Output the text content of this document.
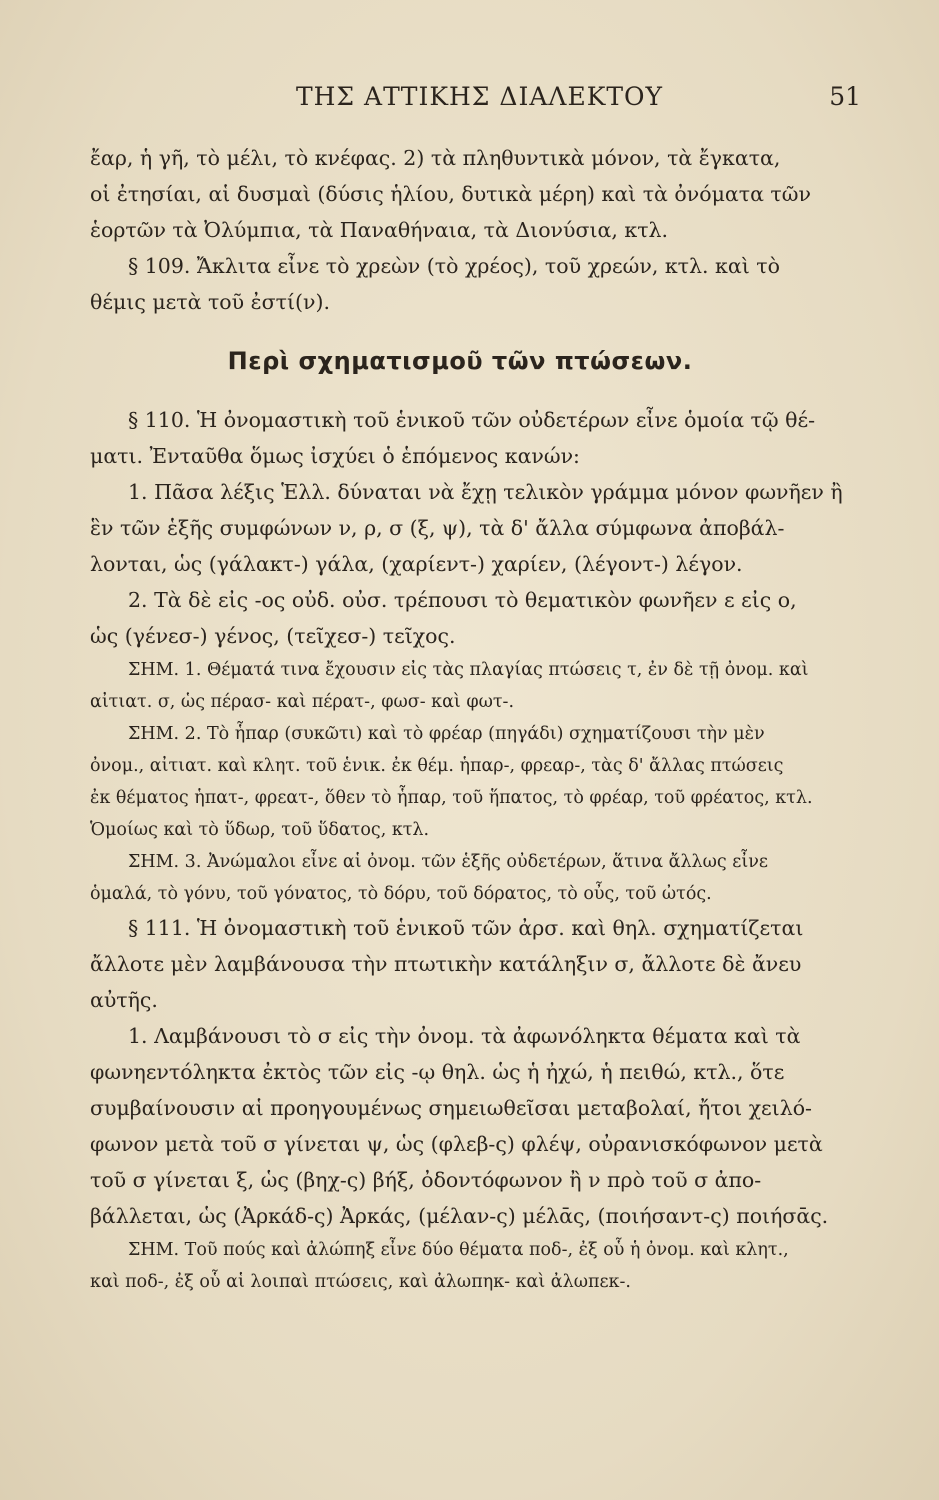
ΤΗΣ ΑΤΤΙΚΗΣ ΔΙΑΛΕΚΤΟΥ	51
ἔαρ, ἡ γῆ, τὸ μέλι, τὸ κνέφας. 2) τὰ πληθυντικὰ μόνον, τὰ ἔγκατα,
οἱ ἐτησίαι, αἱ δυσμαὶ (δύσις ἡλίου, δυτικὰ μέρη) καὶ τὰ ὀνόματα τῶν
ἑορτῶν τὰ Ὀλύμπια, τὰ Παναθήναια, τὰ Διονύσια, κτλ.
§ 109. Ἄκλιτα εἶνε τὸ χρεὼν (τὸ χρέος), τοῦ χρεών, κτλ. καὶ τὸ
θέμις μετὰ τοῦ ἐστί(ν).
Περὶ σχηματισμοῦ τῶν πτώσεων.
§ 110. Ἡ ὀνομαστικὴ τοῦ ἑνικοῦ τῶν οὐδετέρων εἶνε ὁμοία τῷ θέ-
ματι. Ἐνταῦθα ὅμως ἰσχύει ὁ ἑπόμενος κανών:
1. Πᾶσα λέξις Ἑλλ. δύναται νὰ ἔχῃ τελικὸν γράμμα μόνον φωνῆεν ἢ
ἓν τῶν ἑξῆς συμφώνων ν, ρ, σ (ξ, ψ), τὰ δ' ἄλλα σύμφωνα ἀποβάλ-
λονται, ὡς (γάλακτ-) γάλα, (χαρίεντ-) χαρίεν, (λέγοντ-) λέγον.
2. Τὰ δὲ εἰς -ος οὐδ. οὐσ. τρέπουσι τὸ θεματικὸν φωνῆεν ε εἰς ο,
ὡς (γένεσ-) γένος, (τεῖχεσ-) τεῖχος.
ΣΗΜ. 1. Θέματά τινα ἔχουσιν εἰς τὰς πλαγίας πτώσεις τ, ἐν δὲ τῇ ὀνομ. καὶ
αἰτιατ. σ, ὡς πέρασ- καὶ πέρατ-, φωσ- καὶ φωτ-.
ΣΗΜ. 2. Τὸ ἧπαρ (συκῶτι) καὶ τὸ φρέαρ (πηγάδι) σχηματίζουσι τὴν μὲν
ὀνομ., αἰτιατ. καὶ κλητ. τοῦ ἑνικ. ἐκ θέμ. ἡπαρ-, φρεαρ-, τὰς δ' ἄλλας πτώσεις
ἐκ θέματος ἡπατ-, φρεατ-, ὅθεν τὸ ἧπαρ, τοῦ ἥπατος, τὸ φρέαρ, τοῦ φρέατος, κτλ.
Ὁμοίως καὶ τὸ ὕδωρ, τοῦ ὕδατος, κτλ.
ΣΗΜ. 3. Ἀνώμαλοι εἶνε αἱ ὀνομ. τῶν ἑξῆς οὐδετέρων, ἅτινα ἄλλως εἶνε
ὁμαλά, τὸ γόνυ, τοῦ γόνατος, τὸ δόρυ, τοῦ δόρατος, τὸ οὖς, τοῦ ὠτός.
§ 111. Ἡ ὀνομαστικὴ τοῦ ἑνικοῦ τῶν ἀρσ. καὶ θηλ. σχηματίζεται
ἄλλοτε μὲν λαμβάνουσα τὴν πτωτικὴν κατάληξιν σ, ἄλλοτε δὲ ἄνευ
αὐτῆς.
1. Λαμβάνουσι τὸ σ εἰς τὴν ὀνομ. τὰ ἀφωνόληκτα θέματα καὶ τὰ
φωνηεντόληκτα ἐκτὸς τῶν εἰς -ῳ θηλ. ὡς ἡ ἠχώ, ἡ πειθώ, κτλ., ὅτε
συμβαίνουσιν αἱ προηγουμένως σημειωθεῖσαι μεταβολαί, ἤτοι χειλό-
φωνον μετὰ τοῦ σ γίνεται ψ, ὡς (φλεβ-ς) φλέψ, οὐρανισκόφωνον μετὰ
τοῦ σ γίνεται ξ, ὡς (βηχ-ς) βήξ, ὀδοντόφωνον ἢ ν πρὸ τοῦ σ ἀπο-
βάλλεται, ὡς (Ἀρκάδ-ς) Ἀρκάς, (μέλαν-ς) μέλᾱς, (ποιήσαντ-ς) ποιήσᾱς.
ΣΗΜ. Τοῦ πούς καὶ ἀλώπηξ εἶνε δύο θέματα ποδ-, ἐξ οὗ ἡ ὀνομ. καὶ κλητ.,
καὶ ποδ-, ἐξ οὗ αἱ λοιπαὶ πτώσεις, καὶ ἀλωπηκ- καὶ ἀλωπεκ-.
